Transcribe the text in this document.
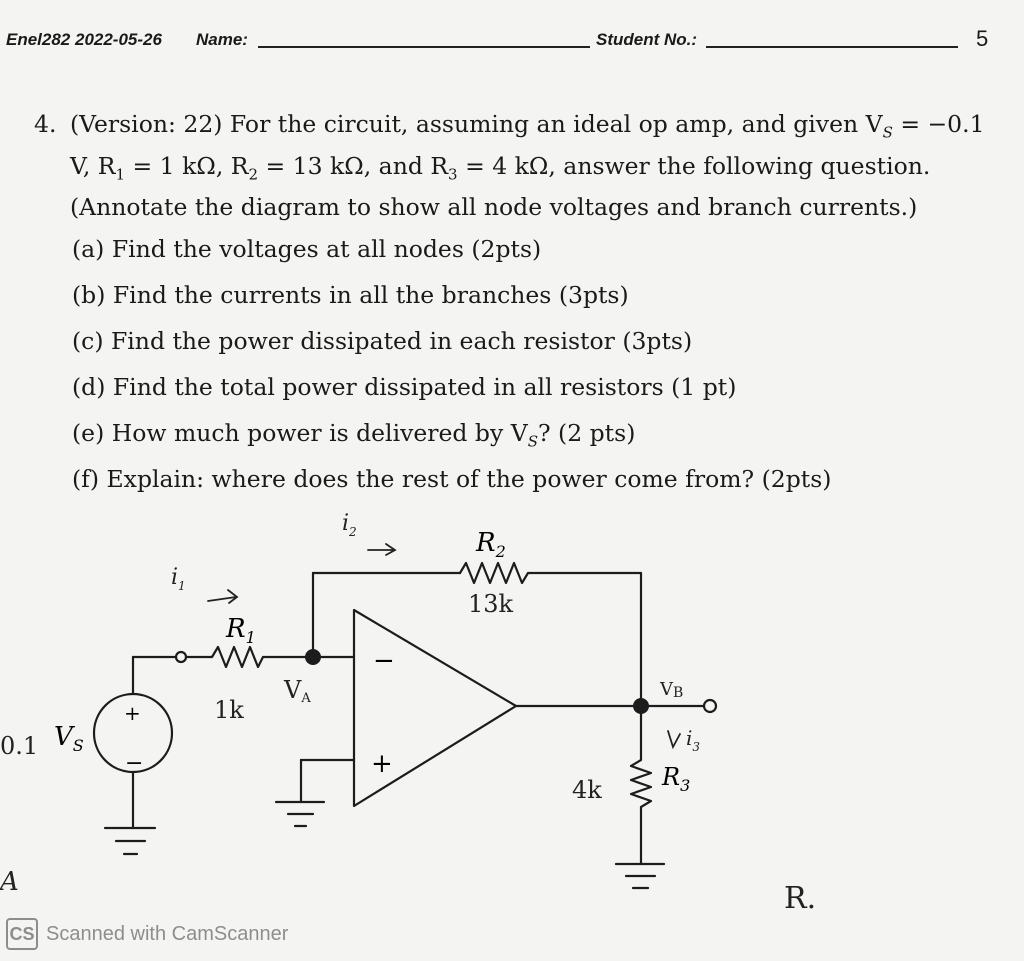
Enel282 2022-05-26 Name:	Student No.:	5
4. (Version: 22) For the circuit, assuming an ideal op amp, and given $V_S = -0.1$ V, $R_1 = 1$ kΩ, $R_2 = 13$ kΩ, and $R_3 = 4$ kΩ, answer the following question. (Annotate the diagram to show all node voltages and branch currents.)
(a) Find the voltages at all nodes (2pts)
(b) Find the currents in all the branches (3pts)
(c) Find the power dissipated in each resistor (3pts)
(d) Find the total power dissipated in all resistors (1 pt)
(e) How much power is delivered by $V_S$? (2 pts)
(f) Explain: where does the rest of the power come from? (2pts)
+
−
−
+
$R_1$
$R_2$
$R_3$
$V_S$
$i_1$
$i_2$
$i_3$
1k
13k
4k
VA	VB
0.1
A	R.
CS Scanned with CamScanner
